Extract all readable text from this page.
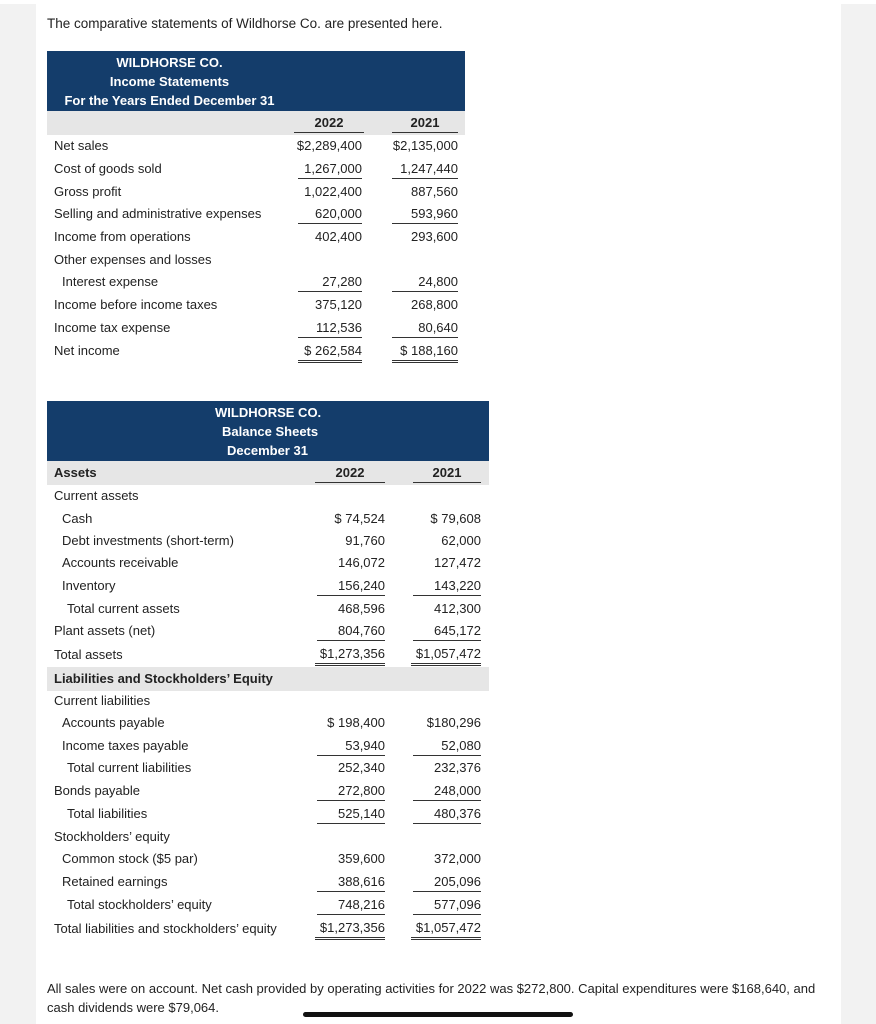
The comparative statements of Wildhorse Co. are presented here.
WILDHORSE CO.
Income Statements
For the Years Ended December 31
2022	2021
Net sales	$2,289,400	$2,135,000
Cost of goods sold	1,267,000	1,247,440
Gross profit	1,022,400	887,560
Selling and administrative expenses	620,000	593,960
Income from operations	402,400	293,600
Other expenses and losses
Interest expense	27,280	24,800
Income before income taxes	375,120	268,800
Income tax expense	112,536	80,640
Net income	$ 262,584	$ 188,160
WILDHORSE CO.
Balance Sheets
December 31
Assets	2022	2021
Current assets
Cash	$ 74,524	$ 79,608
Debt investments (short-term)	91,760	62,000
Accounts receivable	146,072	127,472
Inventory	156,240	143,220
Total current assets	468,596	412,300
Plant assets (net)	804,760	645,172
Total assets	$1,273,356	$1,057,472
Liabilities and Stockholders’ Equity
Current liabilities
Accounts payable	$ 198,400	$180,296
Income taxes payable	53,940	52,080
Total current liabilities	252,340	232,376
Bonds payable	272,800	248,000
Total liabilities	525,140	480,376
Stockholders’ equity
Common stock ($5 par)	359,600	372,000
Retained earnings	388,616	205,096
Total stockholders’ equity	748,216	577,096
Total liabilities and stockholders’ equity	$1,273,356	$1,057,472
All sales were on account. Net cash provided by operating activities for 2022 was $272,800. Capital expenditures were $168,640, and cash dividends were $79,064.
